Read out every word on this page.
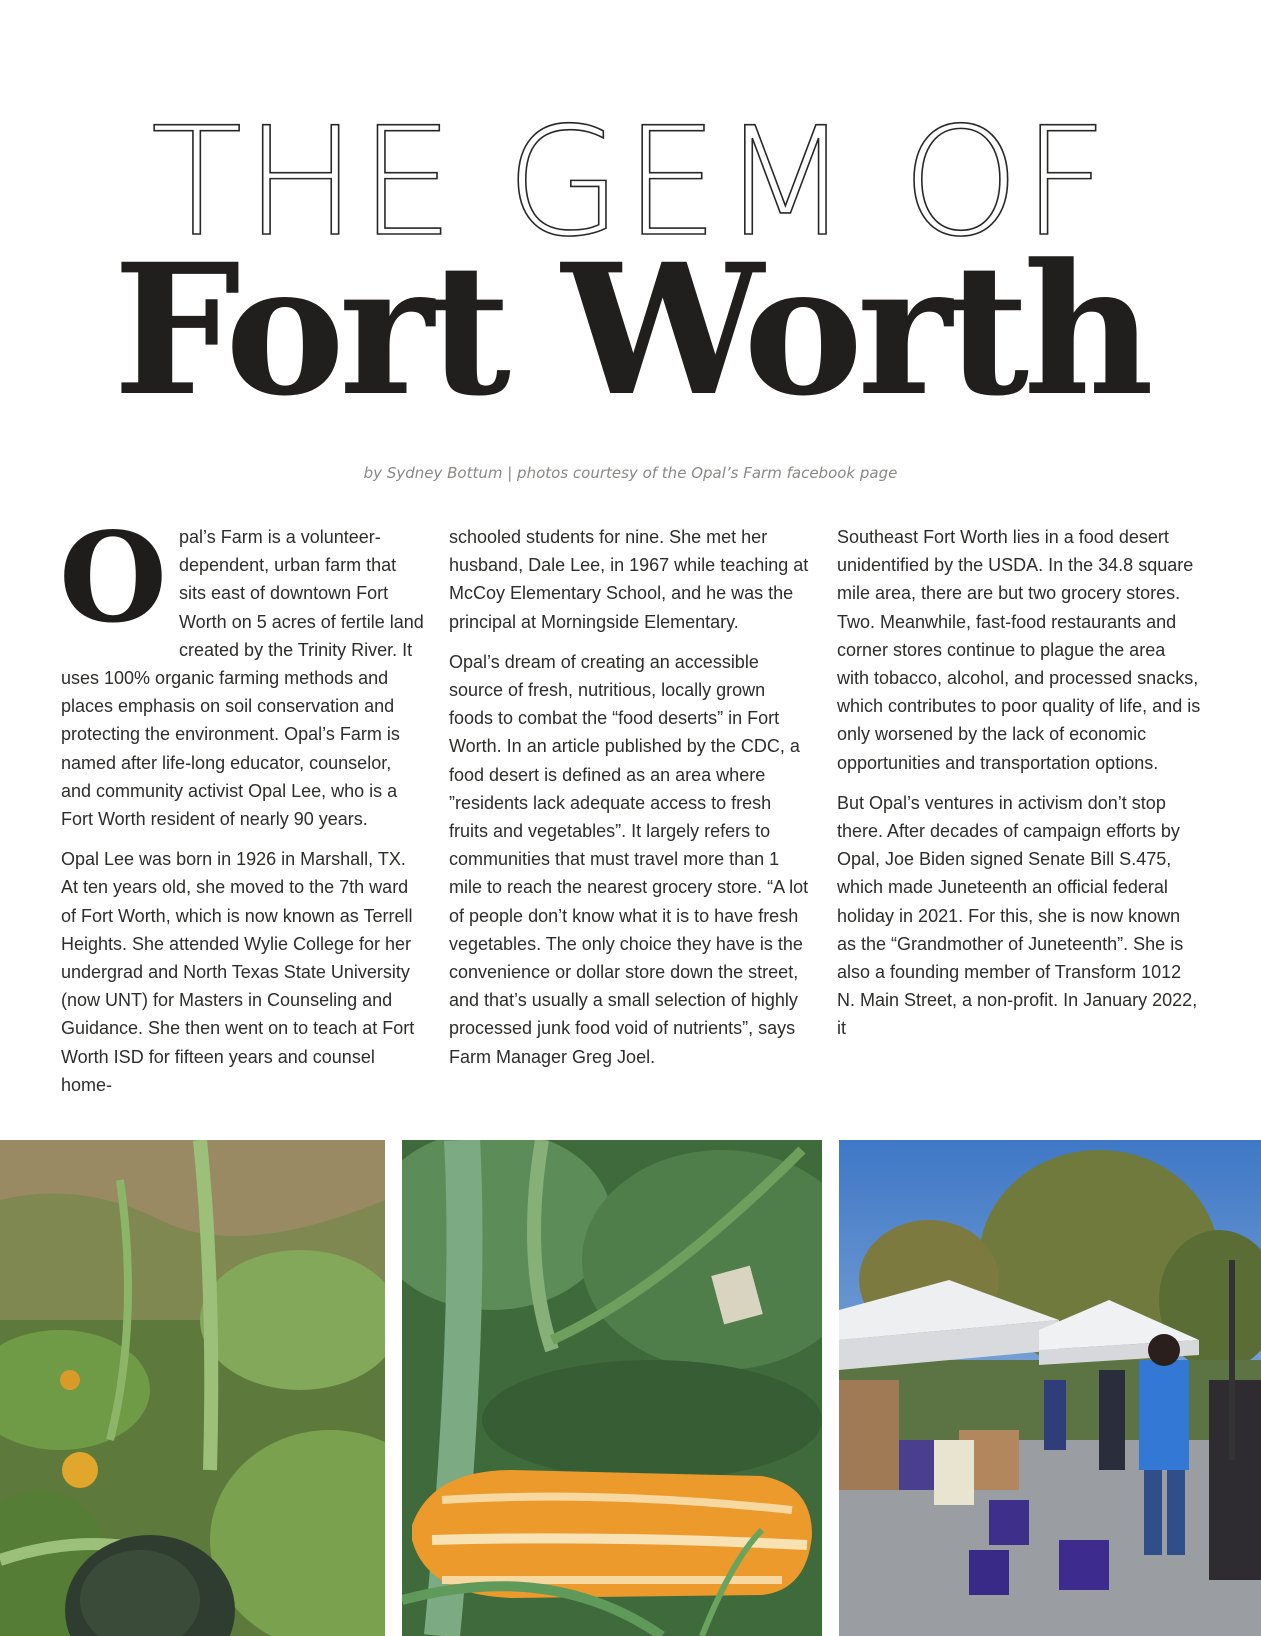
THE GEM OF
Fort Worth
by Sydney Bottum | photos courtesy of the Opal’s Farm facebook page

Opal’s Farm is a volunteer-dependent, urban farm that sits east of downtown Fort Worth on 5 acres of fertile land created by the Trinity River. It uses 100% organic farming methods and places emphasis on soil conservation and protecting the environment. Opal’s Farm is named after life-long educator, counselor, and community activist Opal Lee, who is a Fort Worth resident of nearly 90 years.

Opal Lee was born in 1926 in Marshall, TX. At ten years old, she moved to the 7th ward of Fort Worth, which is now known as Terrell Heights. She attended Wylie College for her undergrad and North Texas State University (now UNT) for Masters in Counseling and Guidance. She then went on to teach at Fort Worth ISD for fifteen years and counsel home-

schooled students for nine. She met her husband, Dale Lee, in 1967 while teaching at McCoy Elementary School, and he was the principal at Morningside Elementary.

Opal’s dream of creating an accessible source of fresh, nutritious, locally grown foods to combat the “food deserts” in Fort Worth. In an article published by the CDC, a food desert is defined as an area where ”residents lack adequate access to fresh fruits and vegetables”. It largely refers to communities that must travel more than 1 mile to reach the nearest grocery store. “A lot of people don’t know what it is to have fresh vegetables. The only choice they have is the convenience or dollar store down the street, and that’s usually a small selection of highly processed junk food void of nutrients”, says Farm Manager Greg Joel.

Southeast Fort Worth lies in a food desert unidentified by the USDA. In the 34.8 square mile area, there are but two grocery stores. Two. Meanwhile, fast-food restaurants and corner stores continue to plague the area with tobacco, alcohol, and processed snacks, which contributes to poor quality of life, and is only worsened by the lack of economic opportunities and transportation options.

But Opal’s ventures in activism don’t stop there. After decades of campaign efforts by Opal, Joe Biden signed Senate Bill S.475, which made Juneteenth an official federal holiday in 2021. For this, she is now known as the “Grandmother of Juneteenth”. She is also a founding member of Transform 1012 N. Main Street, a non-profit. In January 2022, it
